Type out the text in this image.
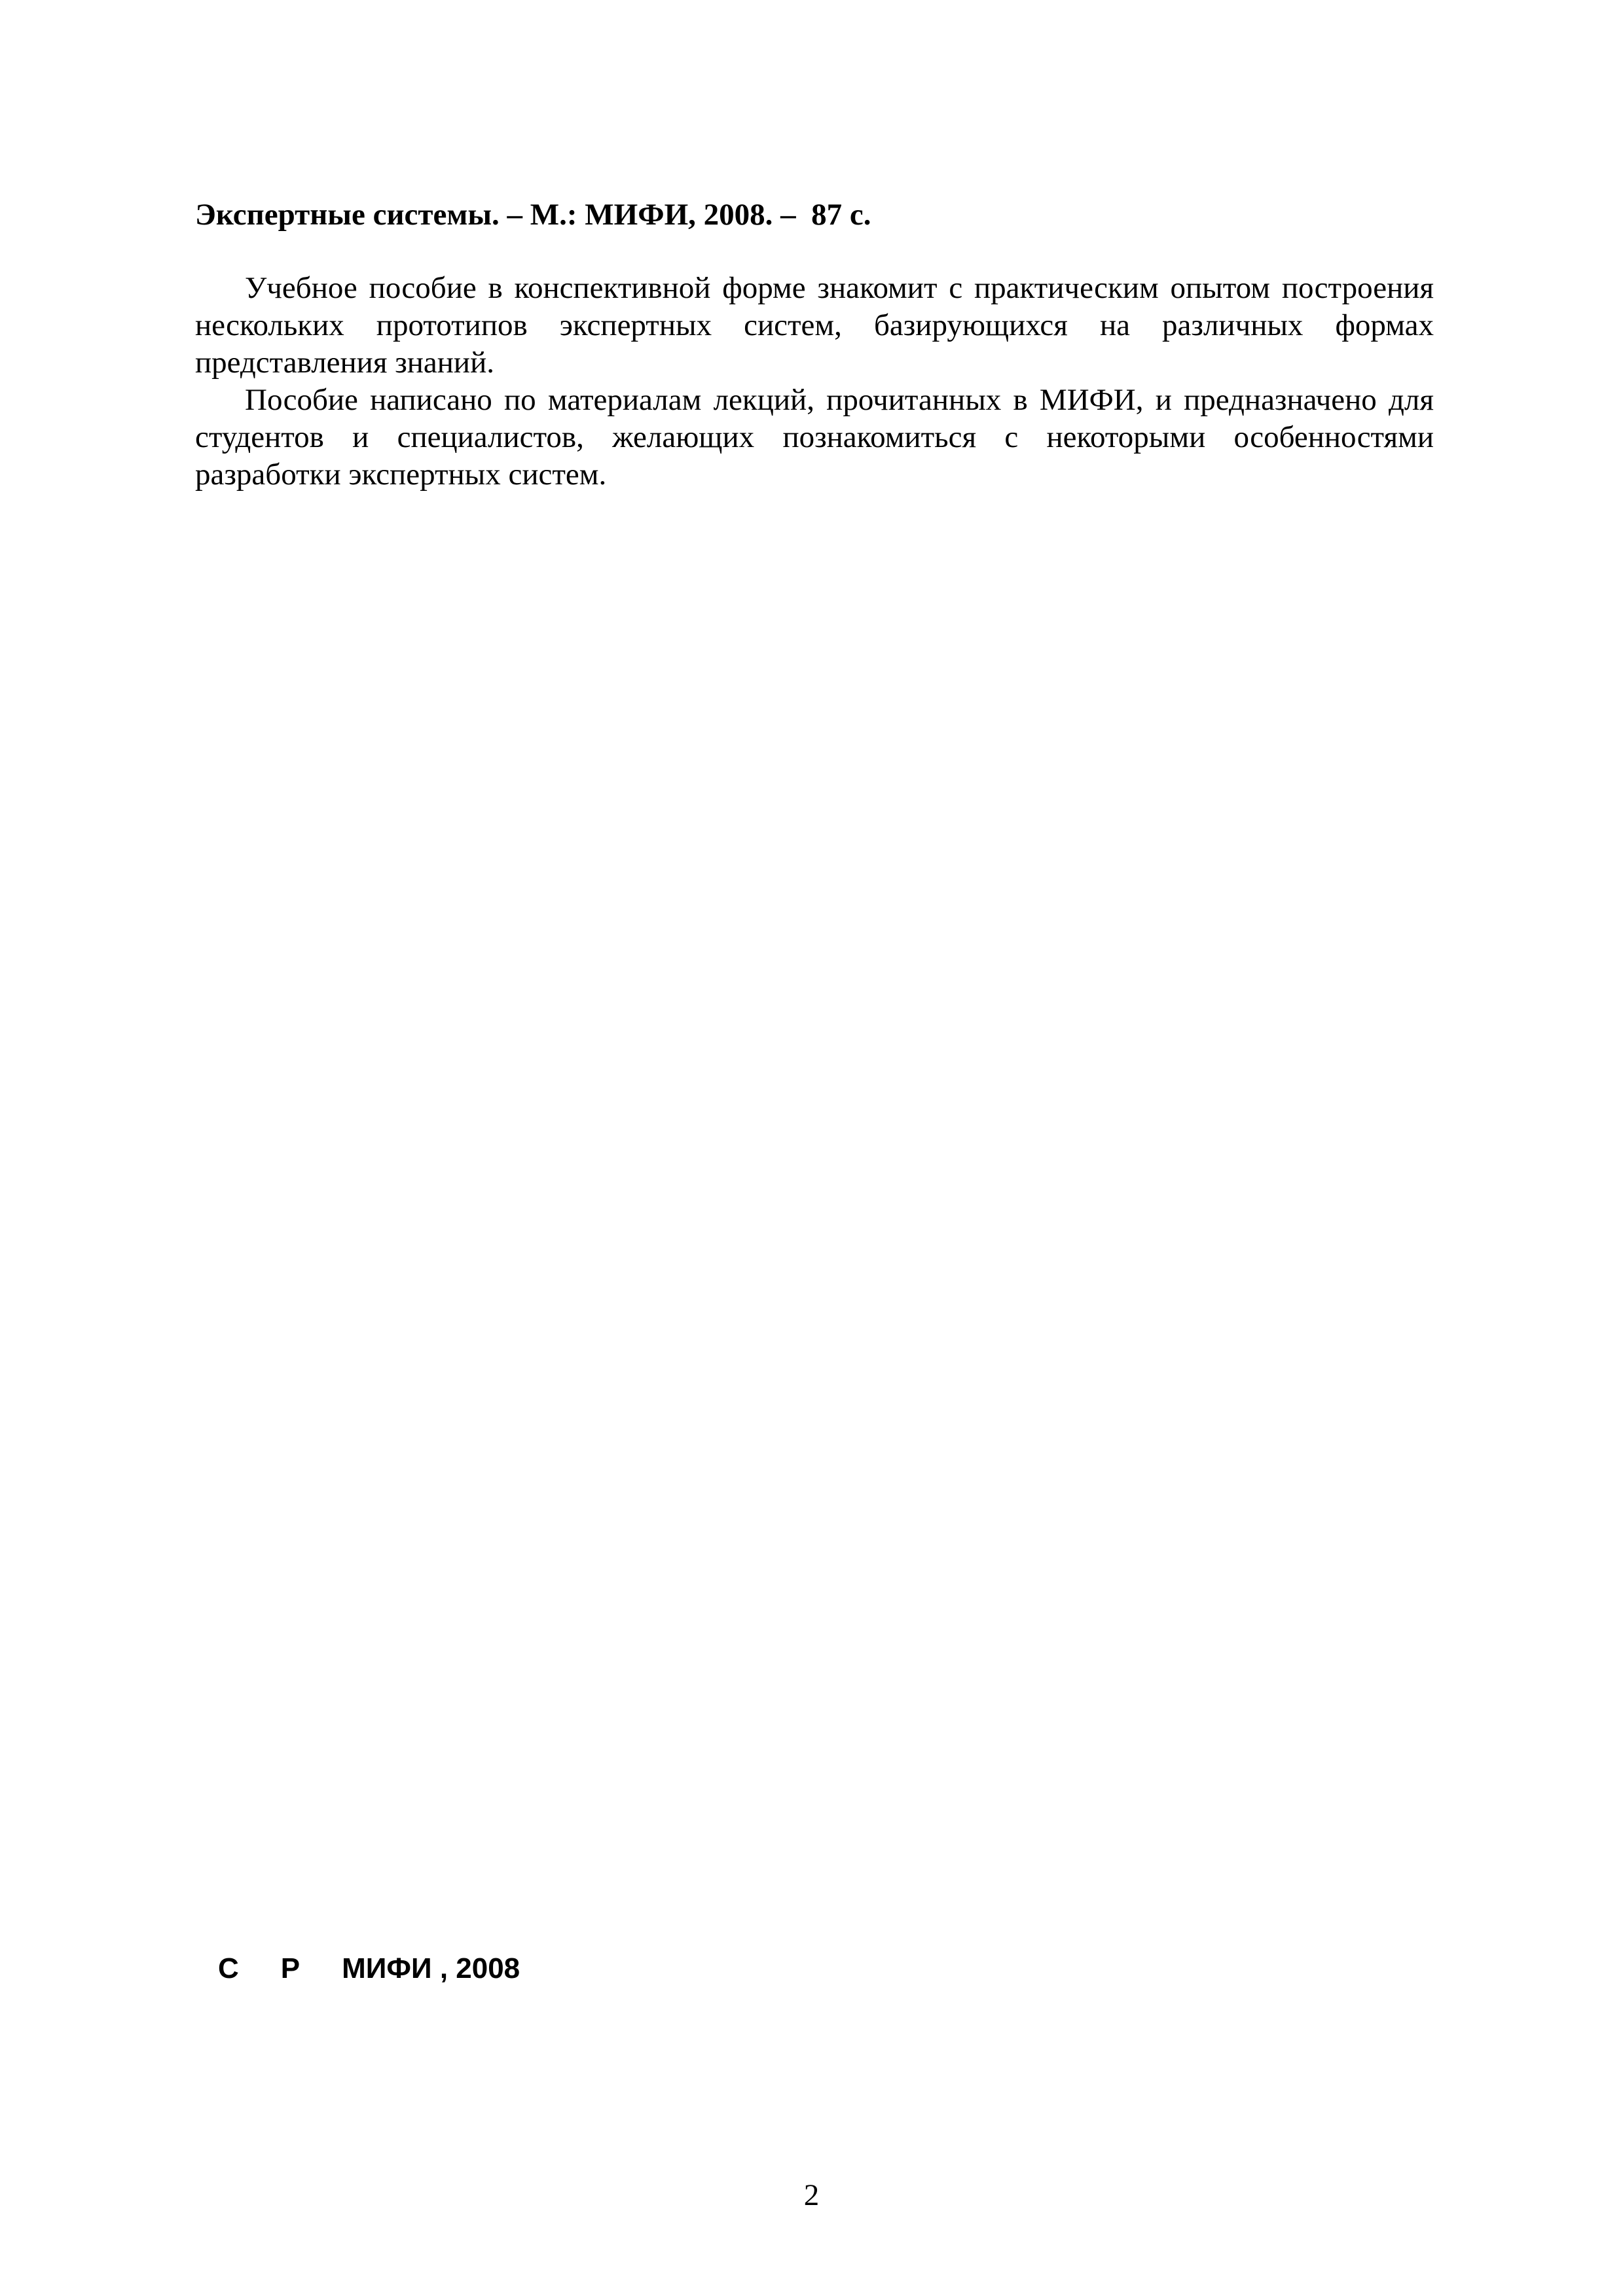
Экспертные системы. – М.: МИФИ, 2008. –  87 с.

Учебное пособие в конспективной форме знакомит с практическим опытом построения нескольких прототипов экспертных систем, базирующихся на различных формах представления знаний.

Пособие написано по материалам лекций, прочитанных в МИФИ, и предназначено для студентов и специалистов, желающих познакомиться с некоторыми особенностями разработки экспертных систем.

С Р МИФИ , 2008
2
